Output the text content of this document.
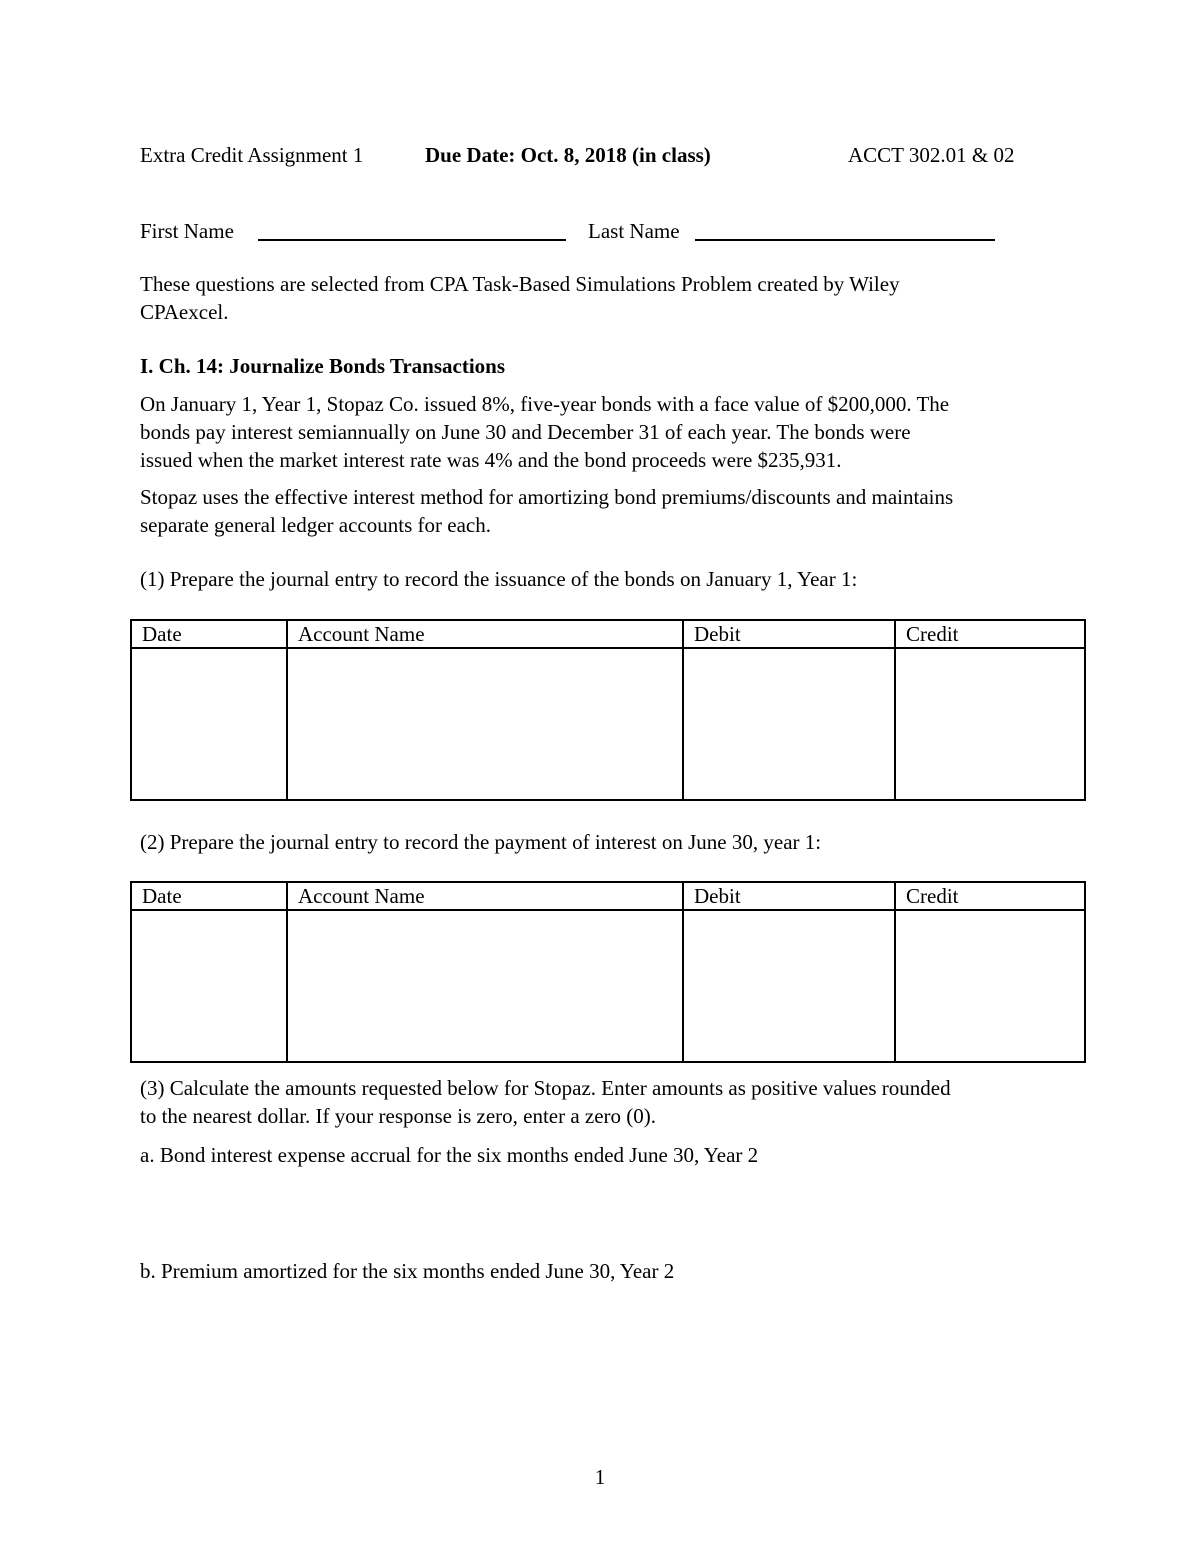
Extra Credit Assignment 1	Due Date: Oct. 8, 2018 (in class)	ACCT 302.01 & 02
First Name	Last Name
These questions are selected from CPA Task-Based Simulations Problem created by Wiley
CPAexcel.
I. Ch. 14: Journalize Bonds Transactions
On January 1, Year 1, Stopaz Co. issued 8%, five-year bonds with a face value of $200,000. The
bonds pay interest semiannually on June 30 and December 31 of each year. The bonds were
issued when the market interest rate was 4% and the bond proceeds were $235,931.
Stopaz uses the effective interest method for amortizing bond premiums/discounts and maintains
separate general ledger accounts for each.
(1) Prepare the journal entry to record the issuance of the bonds on January 1, Year 1:
Date	Account Name	Debit	Credit

(2) Prepare the journal entry to record the payment of interest on June 30, year 1:
Date	Account Name	Debit	Credit

(3) Calculate the amounts requested below for Stopaz. Enter amounts as positive values rounded
to the nearest dollar. If your response is zero, enter a zero (0).
a. Bond interest expense accrual for the six months ended June 30, Year 2
b. Premium amortized for the six months ended June 30, Year 2
1
